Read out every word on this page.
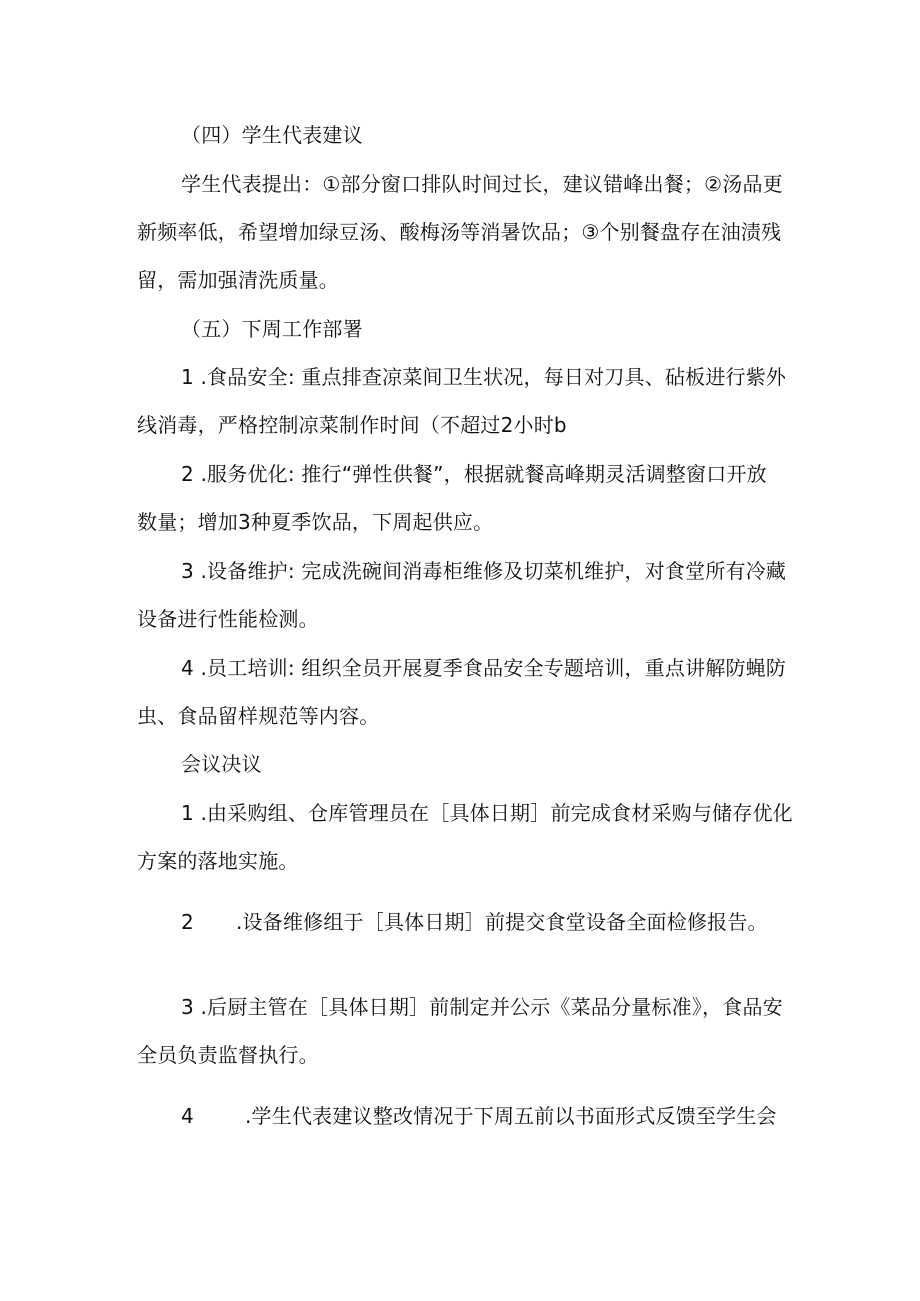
（四）学生代表建议
学生代表提出：①部分窗口排队时间过长，建议错峰出餐；②汤品更
新频率低，希望增加绿豆汤、酸梅汤等消暑饮品；③个别餐盘存在油渍残
留，需加强清洗质量。
（五）下周工作部署
1 .食品安全: 重点排查凉菜间卫生状况，每日对刀具、砧板进行紫外
线消毒，严格控制凉菜制作时间（不超过2小时b
2 .服务优化: 推行“弹性供餐”，根据就餐高峰期灵活调整窗口开放
数量；增加3种夏季饮品，下周起供应。
3 .设备维护: 完成洗碗间消毒柜维修及切菜机维护，对食堂所有冷藏
设备进行性能检测。
4 .员工培训: 组织全员开展夏季食品安全专题培训，重点讲解防蝇防
虫、食品留样规范等内容。
会议决议
1 .由采购组、仓库管理员在［具体日期］前完成食材采购与储存优化
方案的落地实施。
2 .设备维修组于［具体日期］前提交食堂设备全面检修报告。
3 .后厨主管在［具体日期］前制定并公示《菜品分量标准》，食品安
全员负责监督执行。
4	.学生代表建议整改情况于下周五前以书面形式反馈至学生会
